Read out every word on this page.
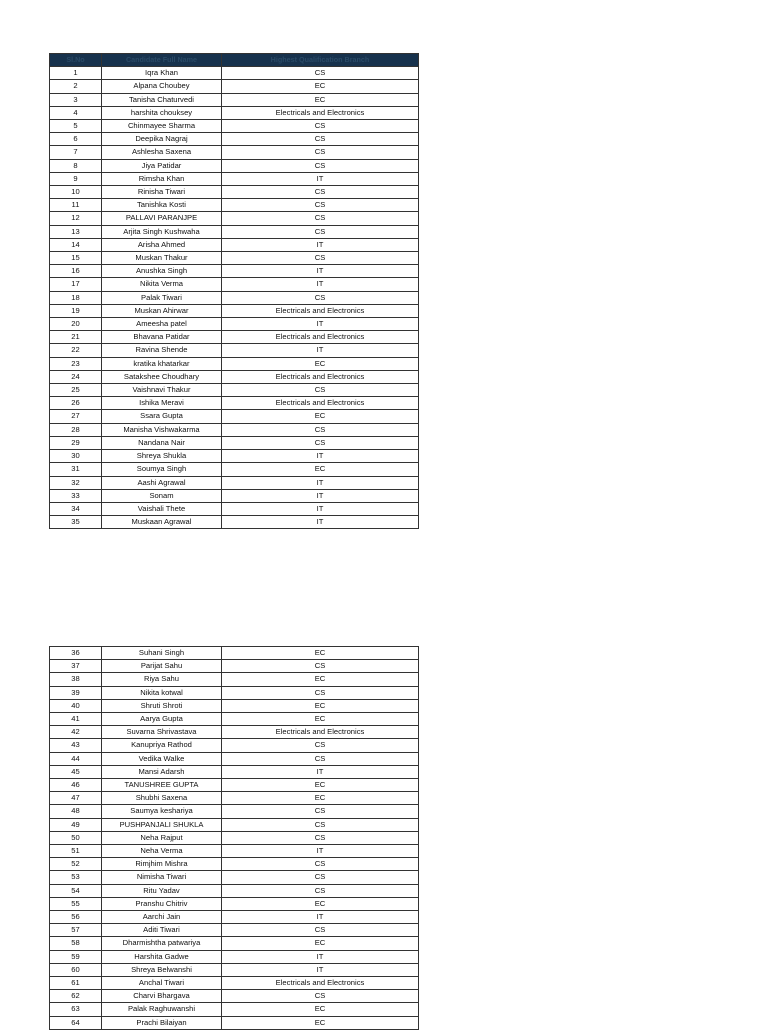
Sl.No	Candidate Full Name	Highest Qualification Branch
1	Iqra Khan	CS
2	Alpana Choubey	EC
3	Tanisha Chaturvedi	EC
4	harshita chouksey	Electricals and Electronics
5	Chinmayee Sharma	CS
6	Deepika Nagraj	CS
7	Ashlesha Saxena	CS
8	Jiya Patidar	CS
9	Rimsha Khan	IT
10	Rinisha Tiwari	CS
11	Tanishka Kosti	CS
12	PALLAVI PARANJPE	CS
13	Arjita Singh Kushwaha	CS
14	Arisha Ahmed	IT
15	Muskan Thakur	CS
16	Anushka Singh	IT
17	Nikita Verma	IT
18	Palak Tiwari	CS
19	Muskan Ahirwar	Electricals and Electronics
20	Ameesha patel	IT
21	Bhavana Patidar	Electricals and Electronics
22	Ravina Shende	IT
23	kratika khatarkar	EC
24	Satakshee Choudhary	Electricals and Electronics
25	Vaishnavi Thakur	CS
26	Ishika Meravi	Electricals and Electronics
27	Ssara Gupta	EC
28	Manisha Vishwakarma	CS
29	Nandana Nair	CS
30	Shreya Shukla	IT
31	Soumya Singh	EC
32	Aashi Agrawal	IT
33	Sonam	IT
34	Vaishali Thete	IT
35	Muskaan Agrawal	IT
36	Suhani Singh	EC
37	Parijat Sahu	CS
38	Riya Sahu	EC
39	Nikita kotwal	CS
40	Shruti Shroti	EC
41	Aarya Gupta	EC
42	Suvarna Shrivastava	Electricals and Electronics
43	Kanupriya Rathod	CS
44	Vedika Walke	CS
45	Mansi Adarsh	IT
46	TANUSHREE GUPTA	EC
47	Shubhi Saxena	EC
48	Saumya keshariya	CS
49	PUSHPANJALI SHUKLA	CS
50	Neha Rajput	CS
51	Neha Verma	IT
52	Rimjhim Mishra	CS
53	Nimisha Tiwari	CS
54	Ritu Yadav	CS
55	Pranshu Chitriv	EC
56	Aarchi Jain	IT
57	Aditi Tiwari	CS
58	Dharmishtha patwariya	EC
59	Harshita Gadwe	IT
60	Shreya Belwanshi	IT
61	Anchal Tiwari	Electricals and Electronics
62	Charvi Bhargava	CS
63	Palak Raghuwanshi	EC
64	Prachi Bilaiyan	EC
